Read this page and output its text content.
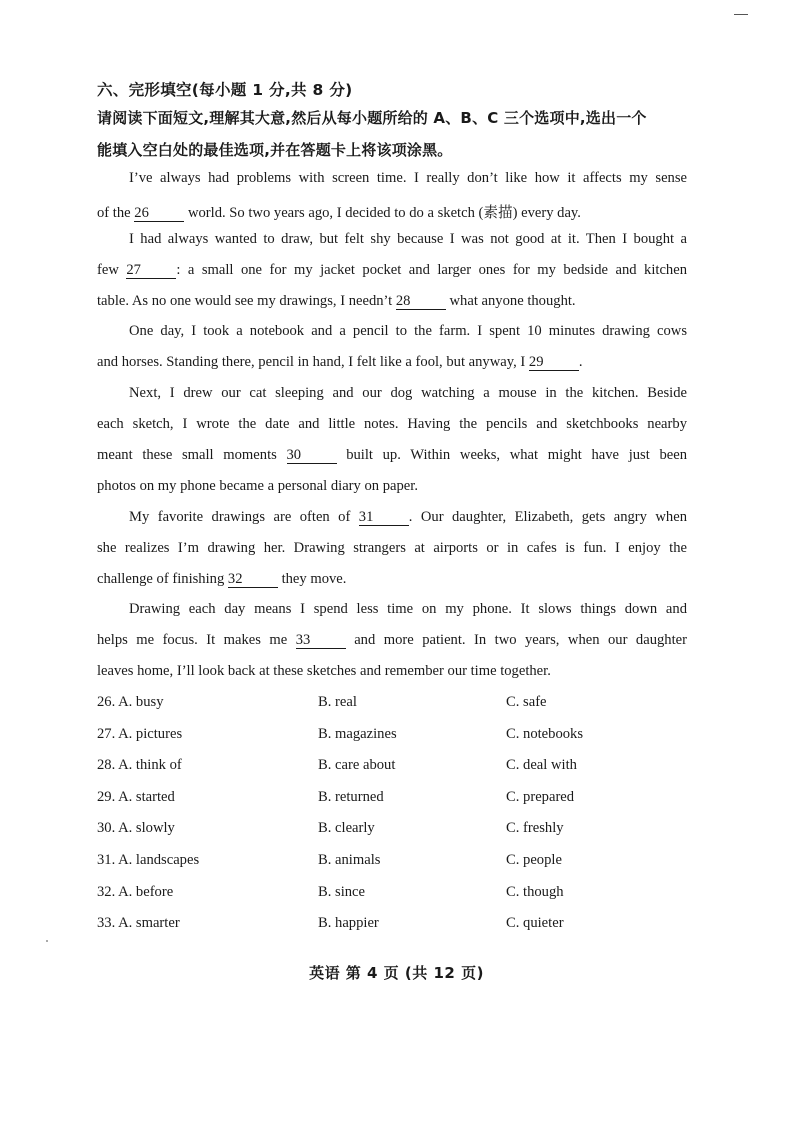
六、完形填空(每小题 1 分,共 8 分)
请阅读下面短文,理解其大意,然后从每小题所给的 A、B、C 三个选项中,选出一个
能填入空白处的最佳选项,并在答题卡上将该项涂黑。
I’ve always had problems with screen time. I really don’t like how it affects my sense
of the 26	world. So two years ago, I decided to do a sketch (素描) every day.
I had always wanted to draw, but felt shy because I was not good at it. Then I bought a
few 27 : a small one for my jacket pocket and larger ones for my bedside and kitchen
table. As no one would see my drawings, I needn’t 28	what anyone thought.
One day, I took a notebook and a pencil to the farm. I spent 10 minutes drawing cows
and horses. Standing there, pencil in hand, I felt like a fool, but anyway, I 29 .
Next, I drew our cat sleeping and our dog watching a mouse in the kitchen. Beside
each sketch, I wrote the date and little notes. Having the pencils and sketchbooks nearby
meant these small moments 30	built up. Within weeks, what might have just been
photos on my phone became a personal diary on paper.
My favorite drawings are often of 31 . Our daughter, Elizabeth, gets angry when
she realizes I’m drawing her. Drawing strangers at airports or in cafes is fun. I enjoy the
challenge of finishing 32	they move.
Drawing each day means I spend less time on my phone. It slows things down and
helps me focus. It makes me 33	and more patient. In two years, when our daughter
leaves home, I’ll look back at these sketches and remember our time together.
26. A. busy	B. real	C. safe
27. A. pictures	B. magazines	C. notebooks
28. A. think of	B. care about	C. deal with
29. A. started	B. returned	C. prepared
30. A. slowly	B. clearly	C. freshly
31. A. landscapes	B. animals	C. people
32. A. before	B. since	C. though
33. A. smarter	B. happier	C. quieter
英语 第 4 页 (共 12 页)
